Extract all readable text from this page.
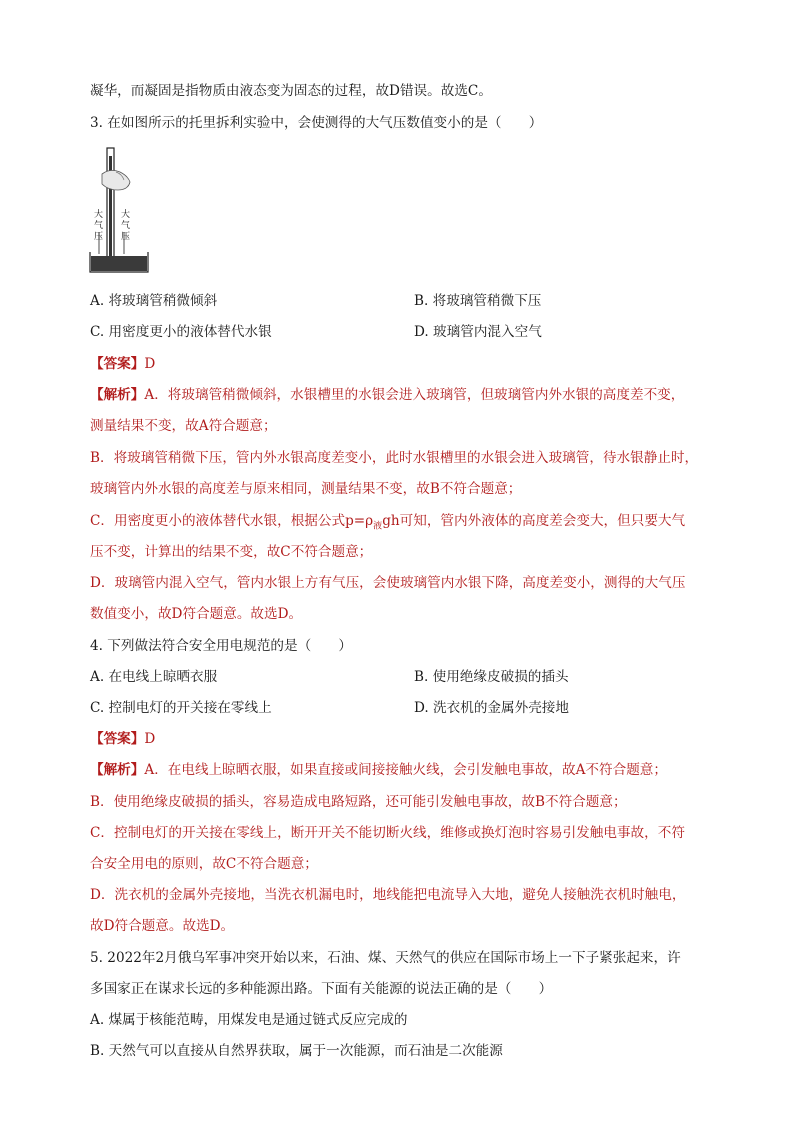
凝华，而凝固是指物质由液态变为固态的过程，故D错误。故选C。
3. 在如图所示的托里拆利实验中，会使测得的大气压数值变小的是（　　）
大
气
压
大
气
压
A. 将玻璃管稍微倾斜	B. 将玻璃管稍微下压
C. 用密度更小的液体替代水银	D. 玻璃管内混入空气
【答案】D
【解析】A．将玻璃管稍微倾斜，水银槽里的水银会进入玻璃管，但玻璃管内外水银的高度差不变，
测量结果不变，故A符合题意；
B．将玻璃管稍微下压，管内外水银高度差变小，此时水银槽里的水银会进入玻璃管，待水银静止时，
玻璃管内外水银的高度差与原来相同，测量结果不变，故B不符合题意；
C．用密度更小的液体替代水银，根据公式$p=\rho_液gh$可知，管内外液体的高度差会变大，但只要大气
压不变，计算出的结果不变，故C不符合题意；
D．玻璃管内混入空气，管内水银上方有气压，会使玻璃管内水银下降，高度差变小，测得的大气压
数值变小，故D符合题意。故选D。
4. 下列做法符合安全用电规范的是（　　）
A. 在电线上晾晒衣服	B. 使用绝缘皮破损的插头
C. 控制电灯的开关接在零线上	D. 洗衣机的金属外壳接地
【答案】D
【解析】A．在电线上晾晒衣服，如果直接或间接接触火线，会引发触电事故，故A不符合题意；
B．使用绝缘皮破损的插头，容易造成电路短路，还可能引发触电事故，故B不符合题意；
C．控制电灯的开关接在零线上，断开开关不能切断火线，维修或换灯泡时容易引发触电事故，不符
合安全用电的原则，故C不符合题意；
D．洗衣机的金属外壳接地，当洗衣机漏电时，地线能把电流导入大地，避免人接触洗衣机时触电，
故D符合题意。故选D。
5. 2022年2月俄乌军事冲突开始以来，石油、煤、天然气的供应在国际市场上一下子紧张起来，许
多国家正在谋求长远的多种能源出路。下面有关能源的说法正确的是（　　）
A. 煤属于核能范畴，用煤发电是通过链式反应完成的
B. 天然气可以直接从自然界获取，属于一次能源，而石油是二次能源
